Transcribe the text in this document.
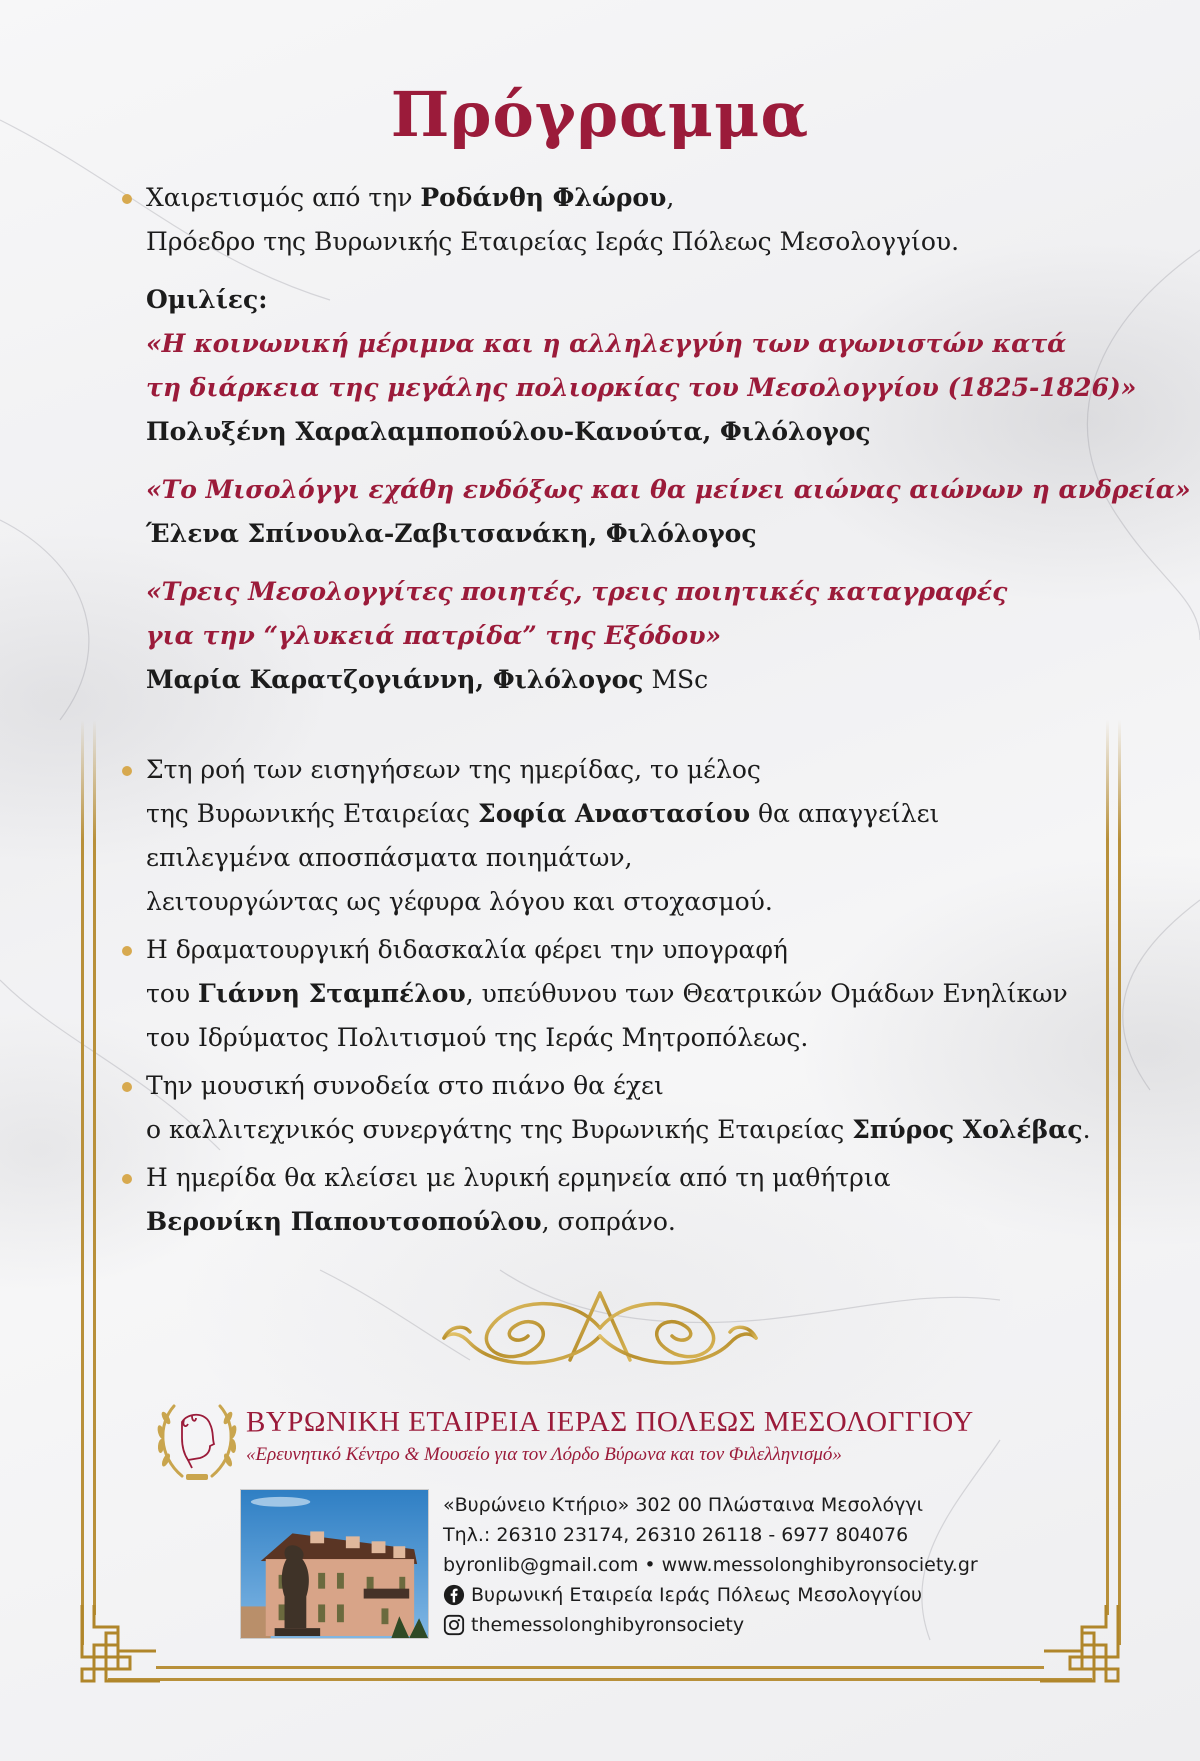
Πρόγραμμα
Χαιρετισμός από την Ροδάνθη Φλώρου,
Πρόεδρο της Βυρωνικής Εταιρείας Ιεράς Πόλεως Μεσολογγίου.
Ομιλίες:
«Η κοινωνική μέριμνα και η αλληλεγγύη των αγωνιστών κατά
τη διάρκεια της μεγάλης πολιορκίας του Μεσολογγίου (1825-1826)»
Πολυξένη Χαραλαμποπούλου-Κανούτα, Φιλόλογος
«Το Μισολόγγι εχάθη ενδόξως και θα μείνει αιώνας αιώνων η ανδρεία»
Έλενα Σπίνουλα-Ζαβιτσανάκη, Φιλόλογος
«Τρεις Μεσολογγίτες ποιητές, τρεις ποιητικές καταγραφές
για την “γλυκειά πατρίδα” της Εξόδου»
Μαρία Καρατζογιάννη, Φιλόλογος MSc
Στη ροή των εισηγήσεων της ημερίδας, το μέλος
της Βυρωνικής Εταιρείας Σοφία Αναστασίου θα απαγγείλει
επιλεγμένα αποσπάσματα ποιημάτων,
λειτουργώντας ως γέφυρα λόγου και στοχασμού.
Η δραματουργική διδασκαλία φέρει την υπογραφή
του Γιάννη Σταμπέλου, υπεύθυνου των Θεατρικών Ομάδων Ενηλίκων
του Ιδρύματος Πολιτισμού της Ιεράς Μητροπόλεως.
Την μουσική συνοδεία στο πιάνο θα έχει
ο καλλιτεχνικός συνεργάτης της Βυρωνικής Εταιρείας Σπύρος Χολέβας.
Η ημερίδα θα κλείσει με λυρική ερμηνεία από τη μαθήτρια
Βερονίκη Παπουτσοπούλου, σοπράνο.
ΒΥΡΩΝΙΚΗ ΕΤΑΙΡΕΙΑ ΙΕΡΑΣ ΠΟΛΕΩΣ ΜΕΣΟΛΟΓΓΙΟΥ
«Ερευνητικό Κέντρο & Μουσείο για τον Λόρδο Βύρωνα και τον Φιλελληνισμό»
«Βυρώνειο Κτήριο» 302 00 Πλώσταινα Μεσολόγγι
Τηλ.: 26310 23174, 26310 26118 - 6977 804076
byronlib@gmail.com • www.messolonghibyronsociety.gr
Βυρωνική Εταιρεία Ιεράς Πόλεως Μεσολογγίου
themessolonghibyronsociety
